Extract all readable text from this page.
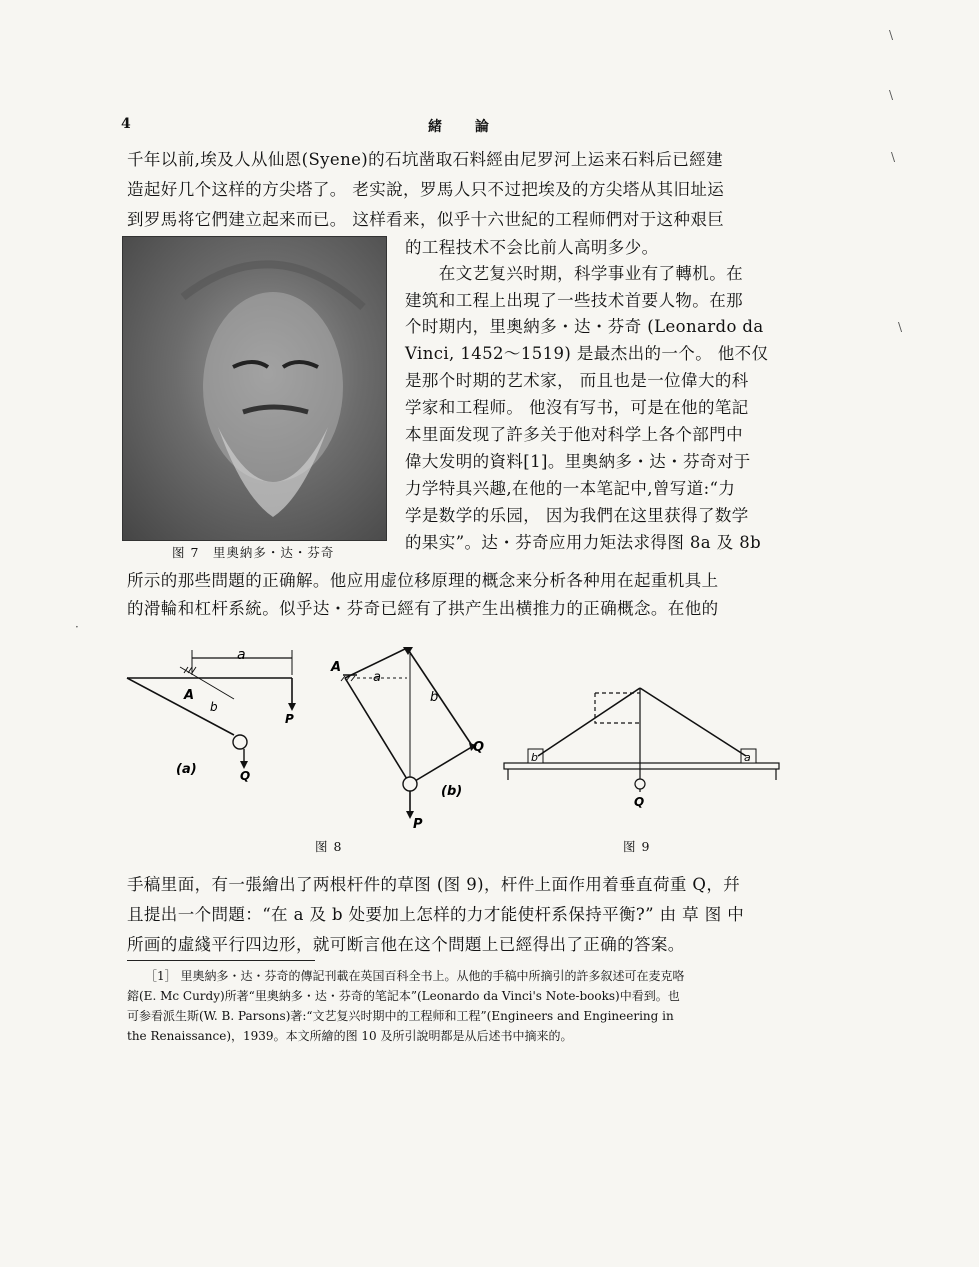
4	緒 論
千年以前,埃及人从仙恩(Syene)的石坑凿取石料經由尼罗河上运来石料后已經建
造起好几个这样的方尖塔了。 老实說，罗馬人只不过把埃及的方尖塔从其旧址运
到罗馬将它們建立起来而已。 这样看来，似乎十六世紀的工程师們对于这种艰巨
图 7　里奧納多・达・芬奇
的工程技术不会比前人高明多少。
　　在文艺复兴时期，科学事业有了轉机。在
建筑和工程上出現了一些技术首要人物。在那
个时期内，里奧納多・达・芬奇 (Leonardo da
Vinci, 1452～1519) 是最杰出的一个。 他不仅
是那个时期的艺术家， 而且也是一位偉大的科
学家和工程师。 他沒有写书，可是在他的笔記
本里面发现了許多关于他对科学上各个部門中
偉大发明的資料[1]。里奧納多・达・芬奇对于
力学特具兴趣,在他的一本笔記中,曾写道:“力
学是数学的乐园， 因为我們在这里获得了数学
的果实”。达・芬奇应用力矩法求得图 8a 及 8b
所示的那些問題的正确解。他应用虚位移原理的概念来分析各种用在起重机具上
的滑輪和杠杆系統。似乎达・芬奇已經有了拱产生出横推力的正确概念。在他的
a
A
b
P
Q
(a)
A
a
b
Q
P
(b)
b	a
Q
图 8	图 9
手稿里面，有一張繪出了两根杆件的草图 (图 9)，杆件上面作用着垂直荷重 Q，幷
且提出一个問題：“在 a 及 b 处要加上怎样的力才能使杆系保持平衡?” 由 草 图 中
所画的虛綫平行四边形，就可断言他在这个問題上已經得出了正确的答案。
［1］ 里奧納多・达・芬奇的傳記刊載在英国百科全书上。从他的手稿中所摘引的許多叙述可在麦克咯
鎔(E. Mc Curdy)所著“里奧納多・达・芬奇的笔記本”(Leonardo da Vinci's Note-books)中看到。也
可参看派生斯(W. B. Parsons)著:“文艺复兴时期中的工程师和工程”(Engineers and Engineering in
the Renaissance)，1939。本文所繪的图 10 及所引說明都是从后述书中摘来的。
\
\
\
\
·
